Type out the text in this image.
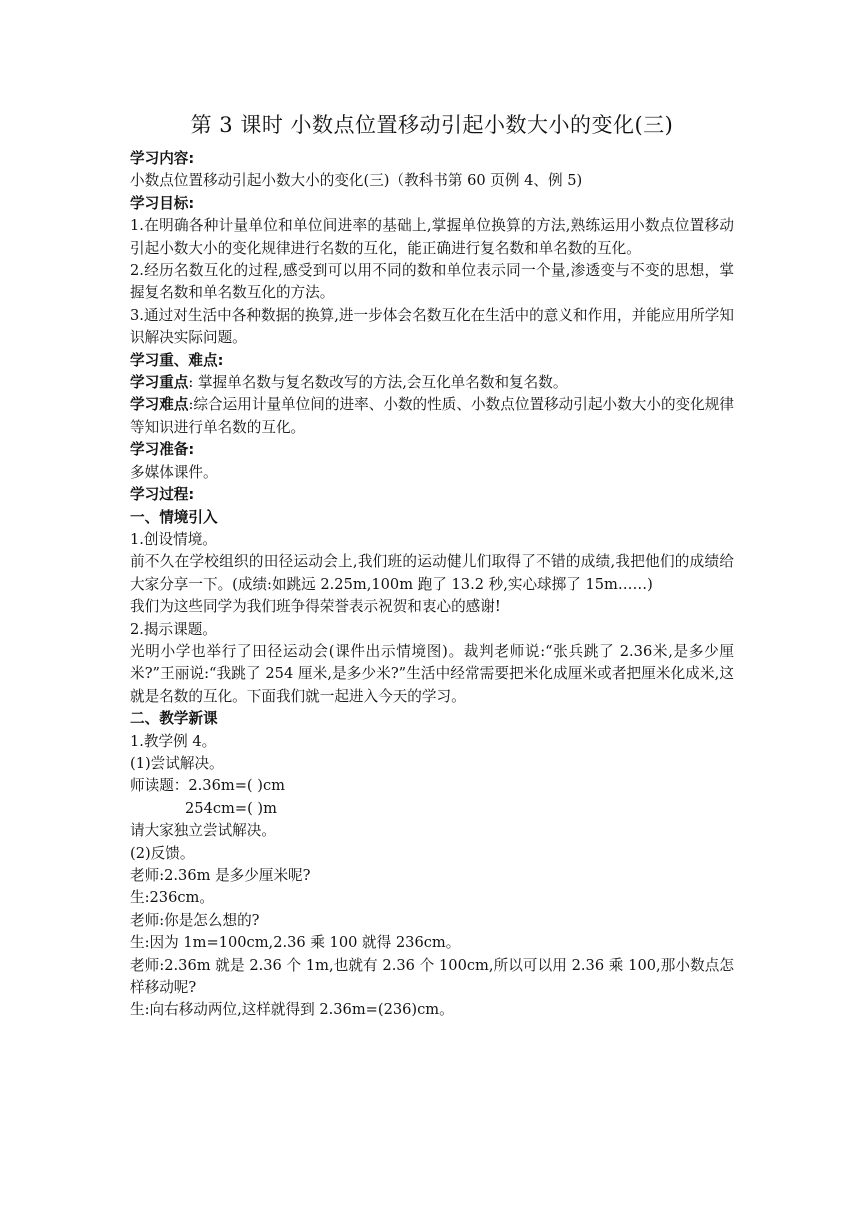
第 3 课时 小数点位置移动引起小数大小的变化(三)
学习内容:
小数点位置移动引起小数大小的变化(三)（教科书第 60 页例 4、例 5)
学习目标:
1.在明确各种计量单位和单位间进率的基础上,掌握单位换算的方法,熟练运用小数点位置移动引起小数大小的变化规律进行名数的互化，能正确进行复名数和单名数的互化。
2.经历名数互化的过程,感受到可以用不同的数和单位表示同一个量,渗透变与不变的思想，掌握复名数和单名数互化的方法。
3.通过对生活中各种数据的换算,进一步体会名数互化在生活中的意义和作用，并能应用所学知识解决实际问题。
学习重、难点:
学习重点: 掌握单名数与复名数改写的方法,会互化单名数和复名数。
学习难点:综合运用计量单位间的进率、小数的性质、小数点位置移动引起小数大小的变化规律等知识进行单名数的互化。
学习准备:
多媒体课件。
学习过程:
一、情境引入
1.创设情境。
前不久在学校组织的田径运动会上,我们班的运动健儿们取得了不错的成绩,我把他们的成绩给大家分享一下。(成绩:如跳远 2.25m,100m 跑了 13.2 秒,实心球掷了 15m……)
我们为这些同学为我们班争得荣誉表示祝贺和衷心的感谢!
2.揭示课题。
光明小学也举行了田径运动会(课件出示情境图)。裁判老师说:“张兵跳了 2.36米,是多少厘米?”王丽说:“我跳了 254 厘米,是多少米?”生活中经常需要把米化成厘米或者把厘米化成米,这就是名数的互化。下面我们就一起进入今天的学习。
二、教学新课
1.教学例 4。
(1)尝试解决。
师读题：2.36m=( )cm
254cm=( )m
请大家独立尝试解决。
(2)反馈。
老师:2.36m 是多少厘米呢?
生:236cm。
老师:你是怎么想的?
生:因为 1m=100cm,2.36 乘 100 就得 236cm。
老师:2.36m 就是 2.36 个 1m,也就有 2.36 个 100cm,所以可以用 2.36 乘 100,那小数点怎样移动呢?
生:向右移动两位,这样就得到 2.36m=(236)cm。
